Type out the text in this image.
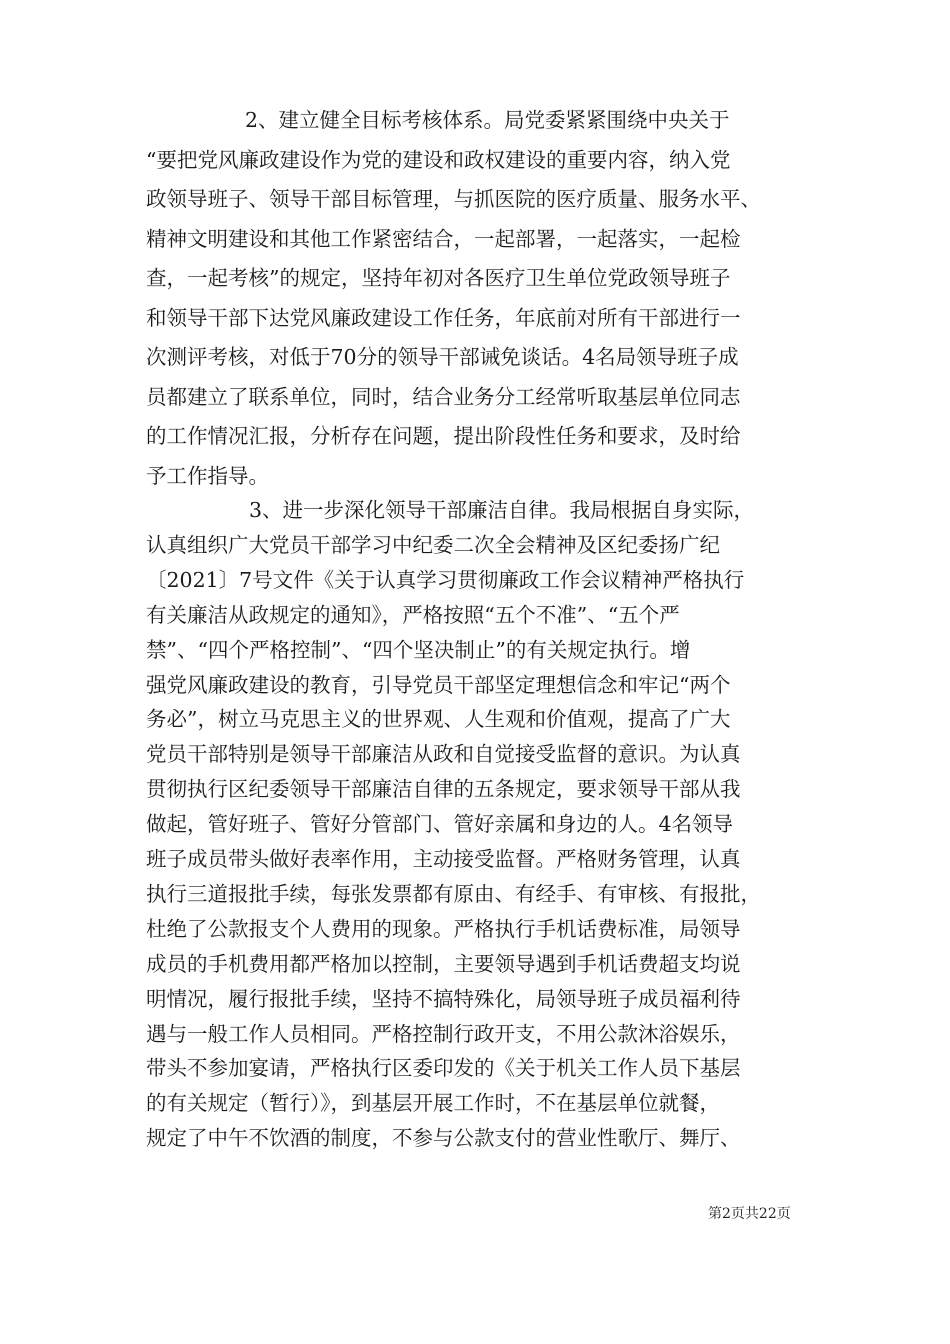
2、建立健全目标考核体系。局党委紧紧围绕中央关于
“要把党风廉政建设作为党的建设和政权建设的重要内容，纳入党
政领导班子、领导干部目标管理，与抓医院的医疗质量、服务水平、
精神文明建设和其他工作紧密结合，一起部署，一起落实，一起检
查，一起考核”的规定，坚持年初对各医疗卫生单位党政领导班子
和领导干部下达党风廉政建设工作任务，年底前对所有干部进行一
次测评考核，对低于70分的领导干部诫免谈话。4名局领导班子成
员都建立了联系单位，同时，结合业务分工经常听取基层单位同志
的工作情况汇报，分析存在问题，提出阶段性任务和要求，及时给
予工作指导。
3、进一步深化领导干部廉洁自律。我局根据自身实际，
认真组织广大党员干部学习中纪委二次全会精神及区纪委扬广纪
〔2021〕7号文件《关于认真学习贯彻廉政工作会议精神严格执行
有关廉洁从政规定的通知》，严格按照“五个不准”、“五个严
禁”、“四个严格控制”、“四个坚决制止”的有关规定执行。增
强党风廉政建设的教育，引导党员干部坚定理想信念和牢记“两个
务必”，树立马克思主义的世界观、人生观和价值观，提高了广大
党员干部特别是领导干部廉洁从政和自觉接受监督的意识。为认真
贯彻执行区纪委领导干部廉洁自律的五条规定，要求领导干部从我
做起，管好班子、管好分管部门、管好亲属和身边的人。4名领导
班子成员带头做好表率作用，主动接受监督。严格财务管理，认真
执行三道报批手续，每张发票都有原由、有经手、有审核、有报批，
杜绝了公款报支个人费用的现象。严格执行手机话费标准，局领导
成员的手机费用都严格加以控制，主要领导遇到手机话费超支均说
明情况，履行报批手续，坚持不搞特殊化，局领导班子成员福利待
遇与一般工作人员相同。严格控制行政开支，不用公款沐浴娱乐，
带头不参加宴请，严格执行区委印发的《关于机关工作人员下基层
的有关规定（暂行）》，到基层开展工作时，不在基层单位就餐，
规定了中午不饮酒的制度，不参与公款支付的营业性歌厅、舞厅、
第2页共22页
